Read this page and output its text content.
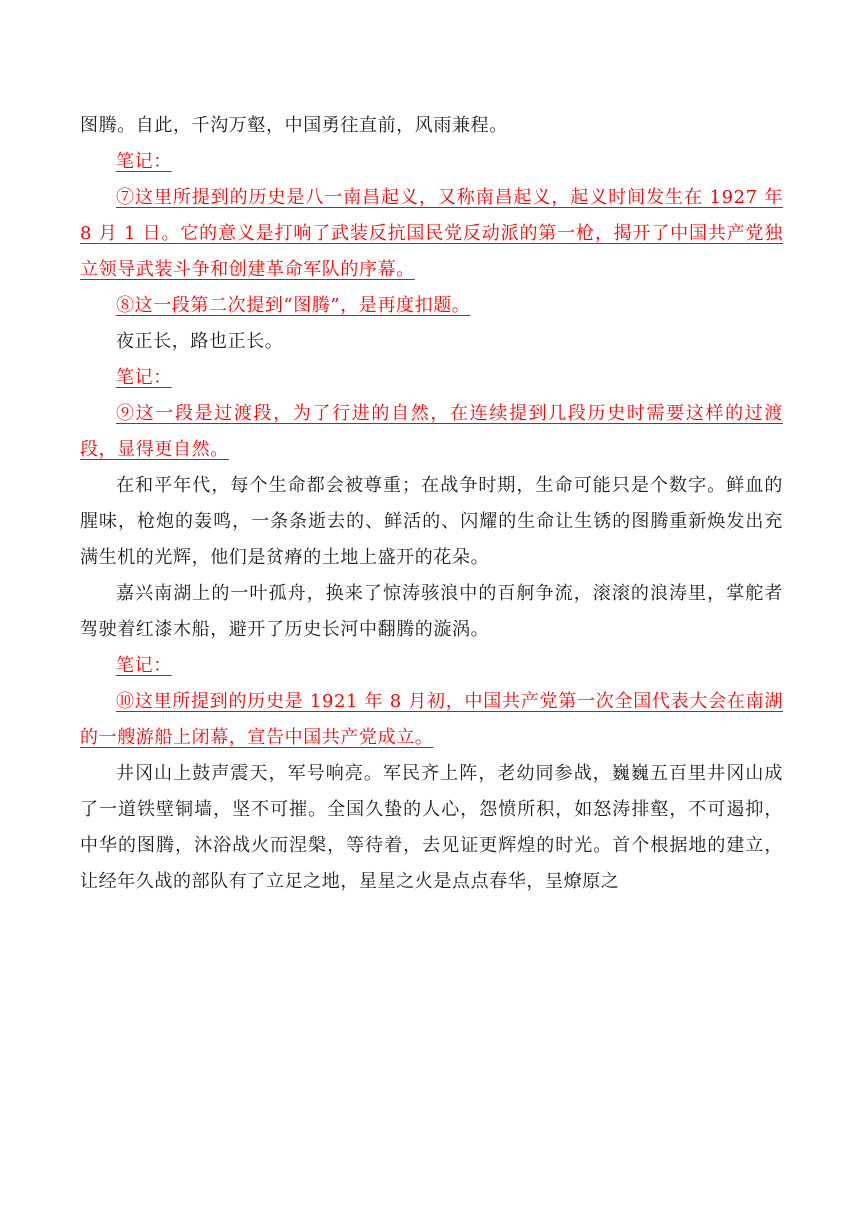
图腾。自此，千沟万壑，中国勇往直前，风雨兼程。

笔记：

⑦这里所提到的历史是八一南昌起义，又称南昌起义，起义时间发生在 1927 年 8 月 1 日。它的意义是打响了武装反抗国民党反动派的第一枪，揭开了中国共产党独立领导武装斗争和创建革命军队的序幕。

⑧这一段第二次提到“图腾”，是再度扣题。

夜正长，路也正长。

笔记：

⑨这一段是过渡段，为了行进的自然，在连续提到几段历史时需要这样的过渡段，显得更自然。

在和平年代，每个生命都会被尊重；在战争时期，生命可能只是个数字。鲜血的腥味，枪炮的轰鸣，一条条逝去的、鲜活的、闪耀的生命让生锈的图腾重新焕发出充满生机的光辉，他们是贫瘠的土地上盛开的花朵。

嘉兴南湖上的一叶孤舟，换来了惊涛骇浪中的百舸争流，滚滚的浪涛里，掌舵者驾驶着红漆木船，避开了历史长河中翻腾的漩涡。

笔记：

⑩这里所提到的历史是 1921 年 8 月初，中国共产党第一次全国代表大会在南湖的一艘游船上闭幕，宣告中国共产党成立。

井冈山上鼓声震天，军号响亮。军民齐上阵，老幼同参战，巍巍五百里井冈山成了一道铁壁铜墙，坚不可摧。全国久蛰的人心，怨愤所积，如怒涛排壑，不可遏抑，中华的图腾，沐浴战火而涅槃，等待着，去见证更辉煌的时光。首个根据地的建立，让经年久战的部队有了立足之地，星星之火是点点春华，呈燎原之
